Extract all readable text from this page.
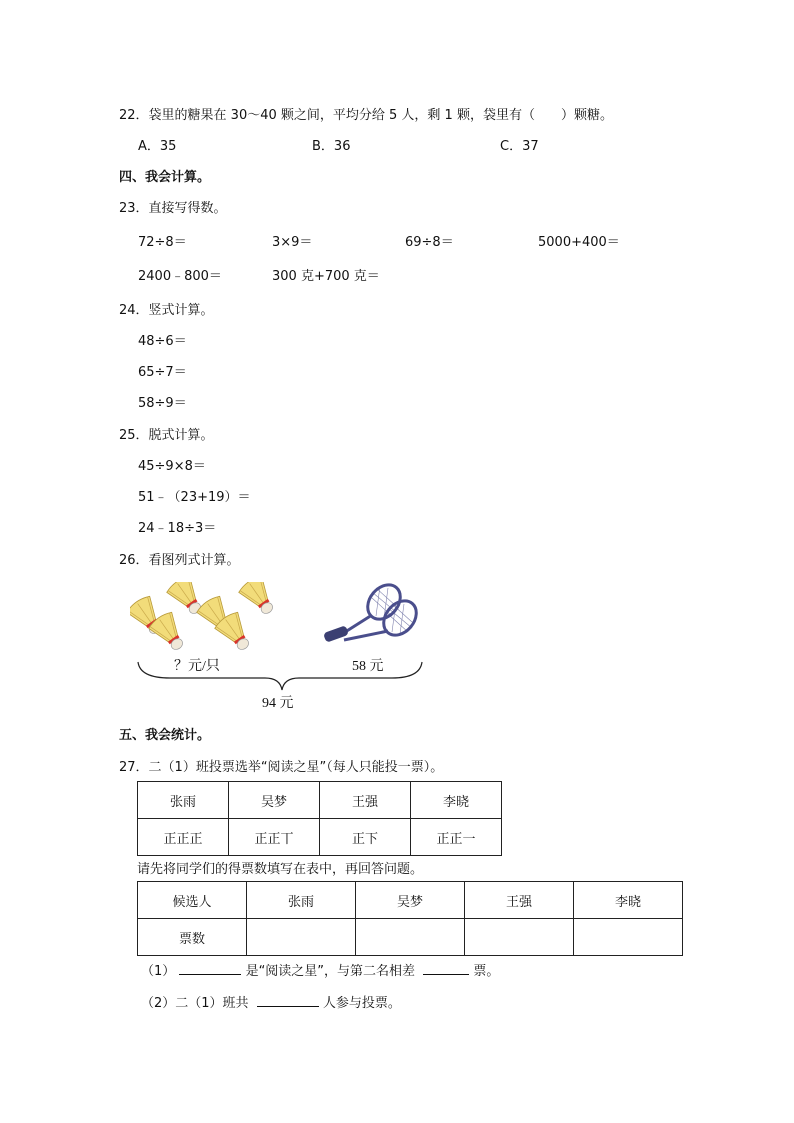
22．袋里的糖果在 30～40 颗之间，平均分给 5 人，剩 1 颗，袋里有（　　）颗糖。
A．35	B．36	C．37
四、我会计算。
23．直接写得数。
72÷8＝	3×9＝	69÷8＝	5000+400＝
2400﹣800＝	300 克+700 克＝
24．竖式计算。
48÷6＝
65÷7＝
58÷9＝
25．脱式计算。
45÷9×8＝
51﹣（23+19）＝
24﹣18÷3＝
26．看图列式计算。
？元/只	58 元
94 元
五、我会统计。
27．二（1）班投票选举“阅读之星”（每人只能投一票）。
张雨	吴梦	王强	李晓
正正正	正正丅	正下	正正一
请先将同学们的得票数填写在表中，再回答问题。
候选人	张雨	吴梦	王强	李晓
票数				
（1）	是“阅读之星”，与第二名相差	票。
（2）二（1）班共	人参与投票。
